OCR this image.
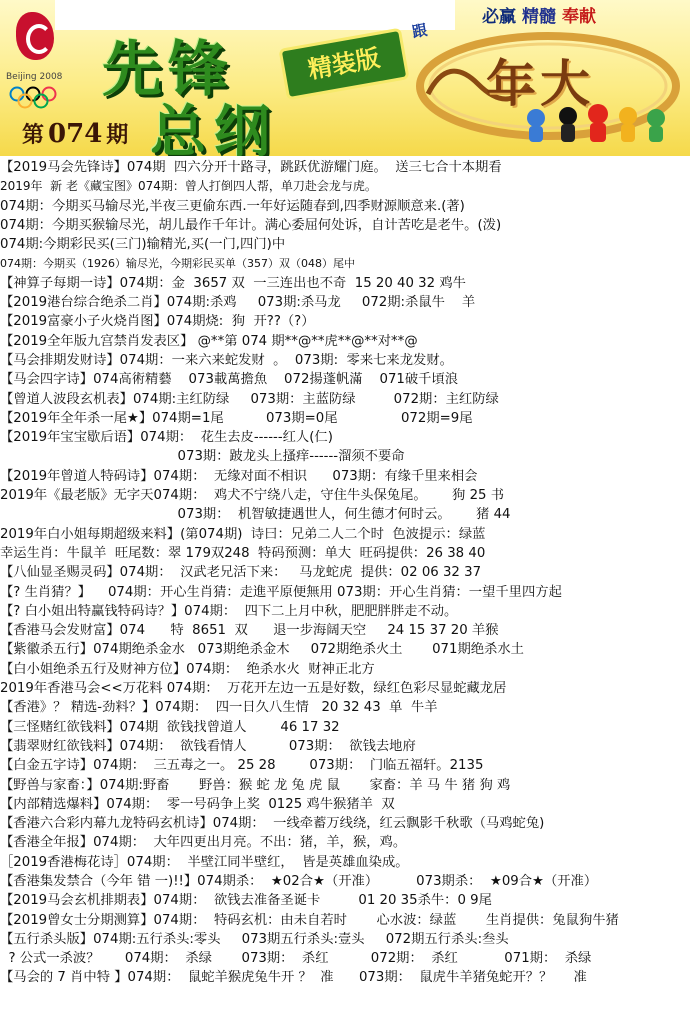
Beijing 2008 先锋	精装版
总纲
第 074 期
必赢 精髓 奉献
跟
年大
【2019马会先锋诗】074期  四六分开十路寻，跳跃优游耀门庭。  送三七合十本期看
2019年  新 老《藏宝图》074期：曾人打倒四人帮，单刀赴会龙与虎。
074期：今期买马输尽光,半夜三更偷东西.一年好运随春到,四季财源顺意来.(著)
074期：今期买猴输尽光，胡儿最作千年计。满心委屈何处诉，自计苦吃是老牛。(泼)
074期:今期彩民买(三门)输精光,买(一门,四门)中
074期：今期买（1926）输尽光，今期彩民买单（357）双（048）尾中
【神算子每期一诗】074期：金  3657 双  一三连出也不奇  15 20 40 32 鸡牛
【2019港台综合绝杀二肖】074期:杀鸡     073期:杀马龙     072期:杀鼠牛    羊
【2019富豪小子火烧肖图】074期烧:  狗  开??（?）
【2019全年版九宫禁肖发表区】 @**第 074 期**@**虎**@**对**@
【马会排期发财诗】074期：一来六来蛇发财  。  073期:  零来七来龙发财。
【马会四字诗】074高術精藝    073載萬擔魚    072揚蓬帆滿    071破千頃浪
【曾道人波段玄机表】074期:主红防绿     073期：主蓝防绿         072期：主红防绿
【2019年全年杀一尾★】074期=1尾          073期=0尾               072期=9尾
【2019年宝宝歇后语】074期：  花生去皮------红人(仁)
073期：跛龙头上搔痒------溜须不要命
【2019年曾道人特码诗】074期：  无缘对面不相识      073期：有缘千里来相会
2019年《最老版》无字天074期：  鸡犬不宁绕八走，守住牛头保兔尾。      狗 25 书
073期：  机智敏捷遇世人，何生德才何时云。      猪 44
2019年白小姐每期超级来料】(第074期)  诗曰：兄弟二人二个时  色波提示：绿蓝
幸运生肖：牛鼠羊  旺尾数：翠 179双248  特码预测：单大  旺码提供：26 38 40
【八仙显圣赐灵码】074期：  汉武老兄活下来：   马龙蛇虎  提供：02 06 32 37
【? 生肖猜？】    074期：开心生肖猜：走進平原便無用 073期：开心生肖猜：一望千里四方起
【? 白小姐出特赢钱特码诗？】074期：  四下二上月中秋，肥肥胖胖走不动。
【香港马会发财富】074      特  8651  双      退一步海阔天空     24 15 37 20 羊猴
【紫徽杀五行】074期绝杀金水   073期绝杀金木     072期绝杀火土       071期绝杀水土
【白小姐绝杀五行及财神方位】074期：  绝杀水火  财神正北方
2019年香港马会<<万花料 074期：  万花开左边一五是好数，绿红色彩尽显蛇藏龙居
【香港》？ 精选-劲料？】074期：  四一日久八生情   20 32 43  单  牛羊
【三怪赌红欲钱料】074期  欲钱找曾道人        46 17 32
【翡翠财红欲钱料】074期：  欲钱看情人          073期：  欲钱去地府
【白金五字诗】074期：  三五毒之一。 25 28        073期：  门临五福轩。2135
【野兽与家畜：】074期:野畜       野兽：猴 蛇 龙 兔 虎 鼠       家畜：羊 马 牛 猪 狗 鸡
【内部精选爆料】074期：  零一号码争上奖  0125 鸡牛猴猪羊  双
【香港六合彩内幕九龙特码玄机诗】074期：  一线牵蓄万线绕，红云飘影千秋歌（马鸡蛇兔)
【香港全年报】074期：  大年四更出月亮。不出：猪，羊，猴，鸡。
［2019香港梅花诗］074期：  半壁江同半壁红，  皆是英雄血染成。
【香港集发禁合（今年 错 一)!!】074期杀：  ★02合★（开准）         073期杀：  ★09合★（开准）
【2019马会玄机排期表】074期：  欲钱去准备圣诞卡         01 20 35杀牛：0 9尾
【2019曾女士分期测算】074期：  特码玄机：由未自若时       心水波：绿蓝       生肖提供：兔鼠狗牛猪
【五行杀头版】074期:五行杀头:零头     073期五行杀头:壹头     072期五行杀头:叁头
? 公式一杀波？      074期：  杀绿       073期：  杀红          072期：  杀红           071期：  杀绿
【马会的 7 肖中特 】074期：  鼠蛇羊猴虎兔牛开 ？  准      073期：  鼠虎牛羊猪兔蛇开？？     准
